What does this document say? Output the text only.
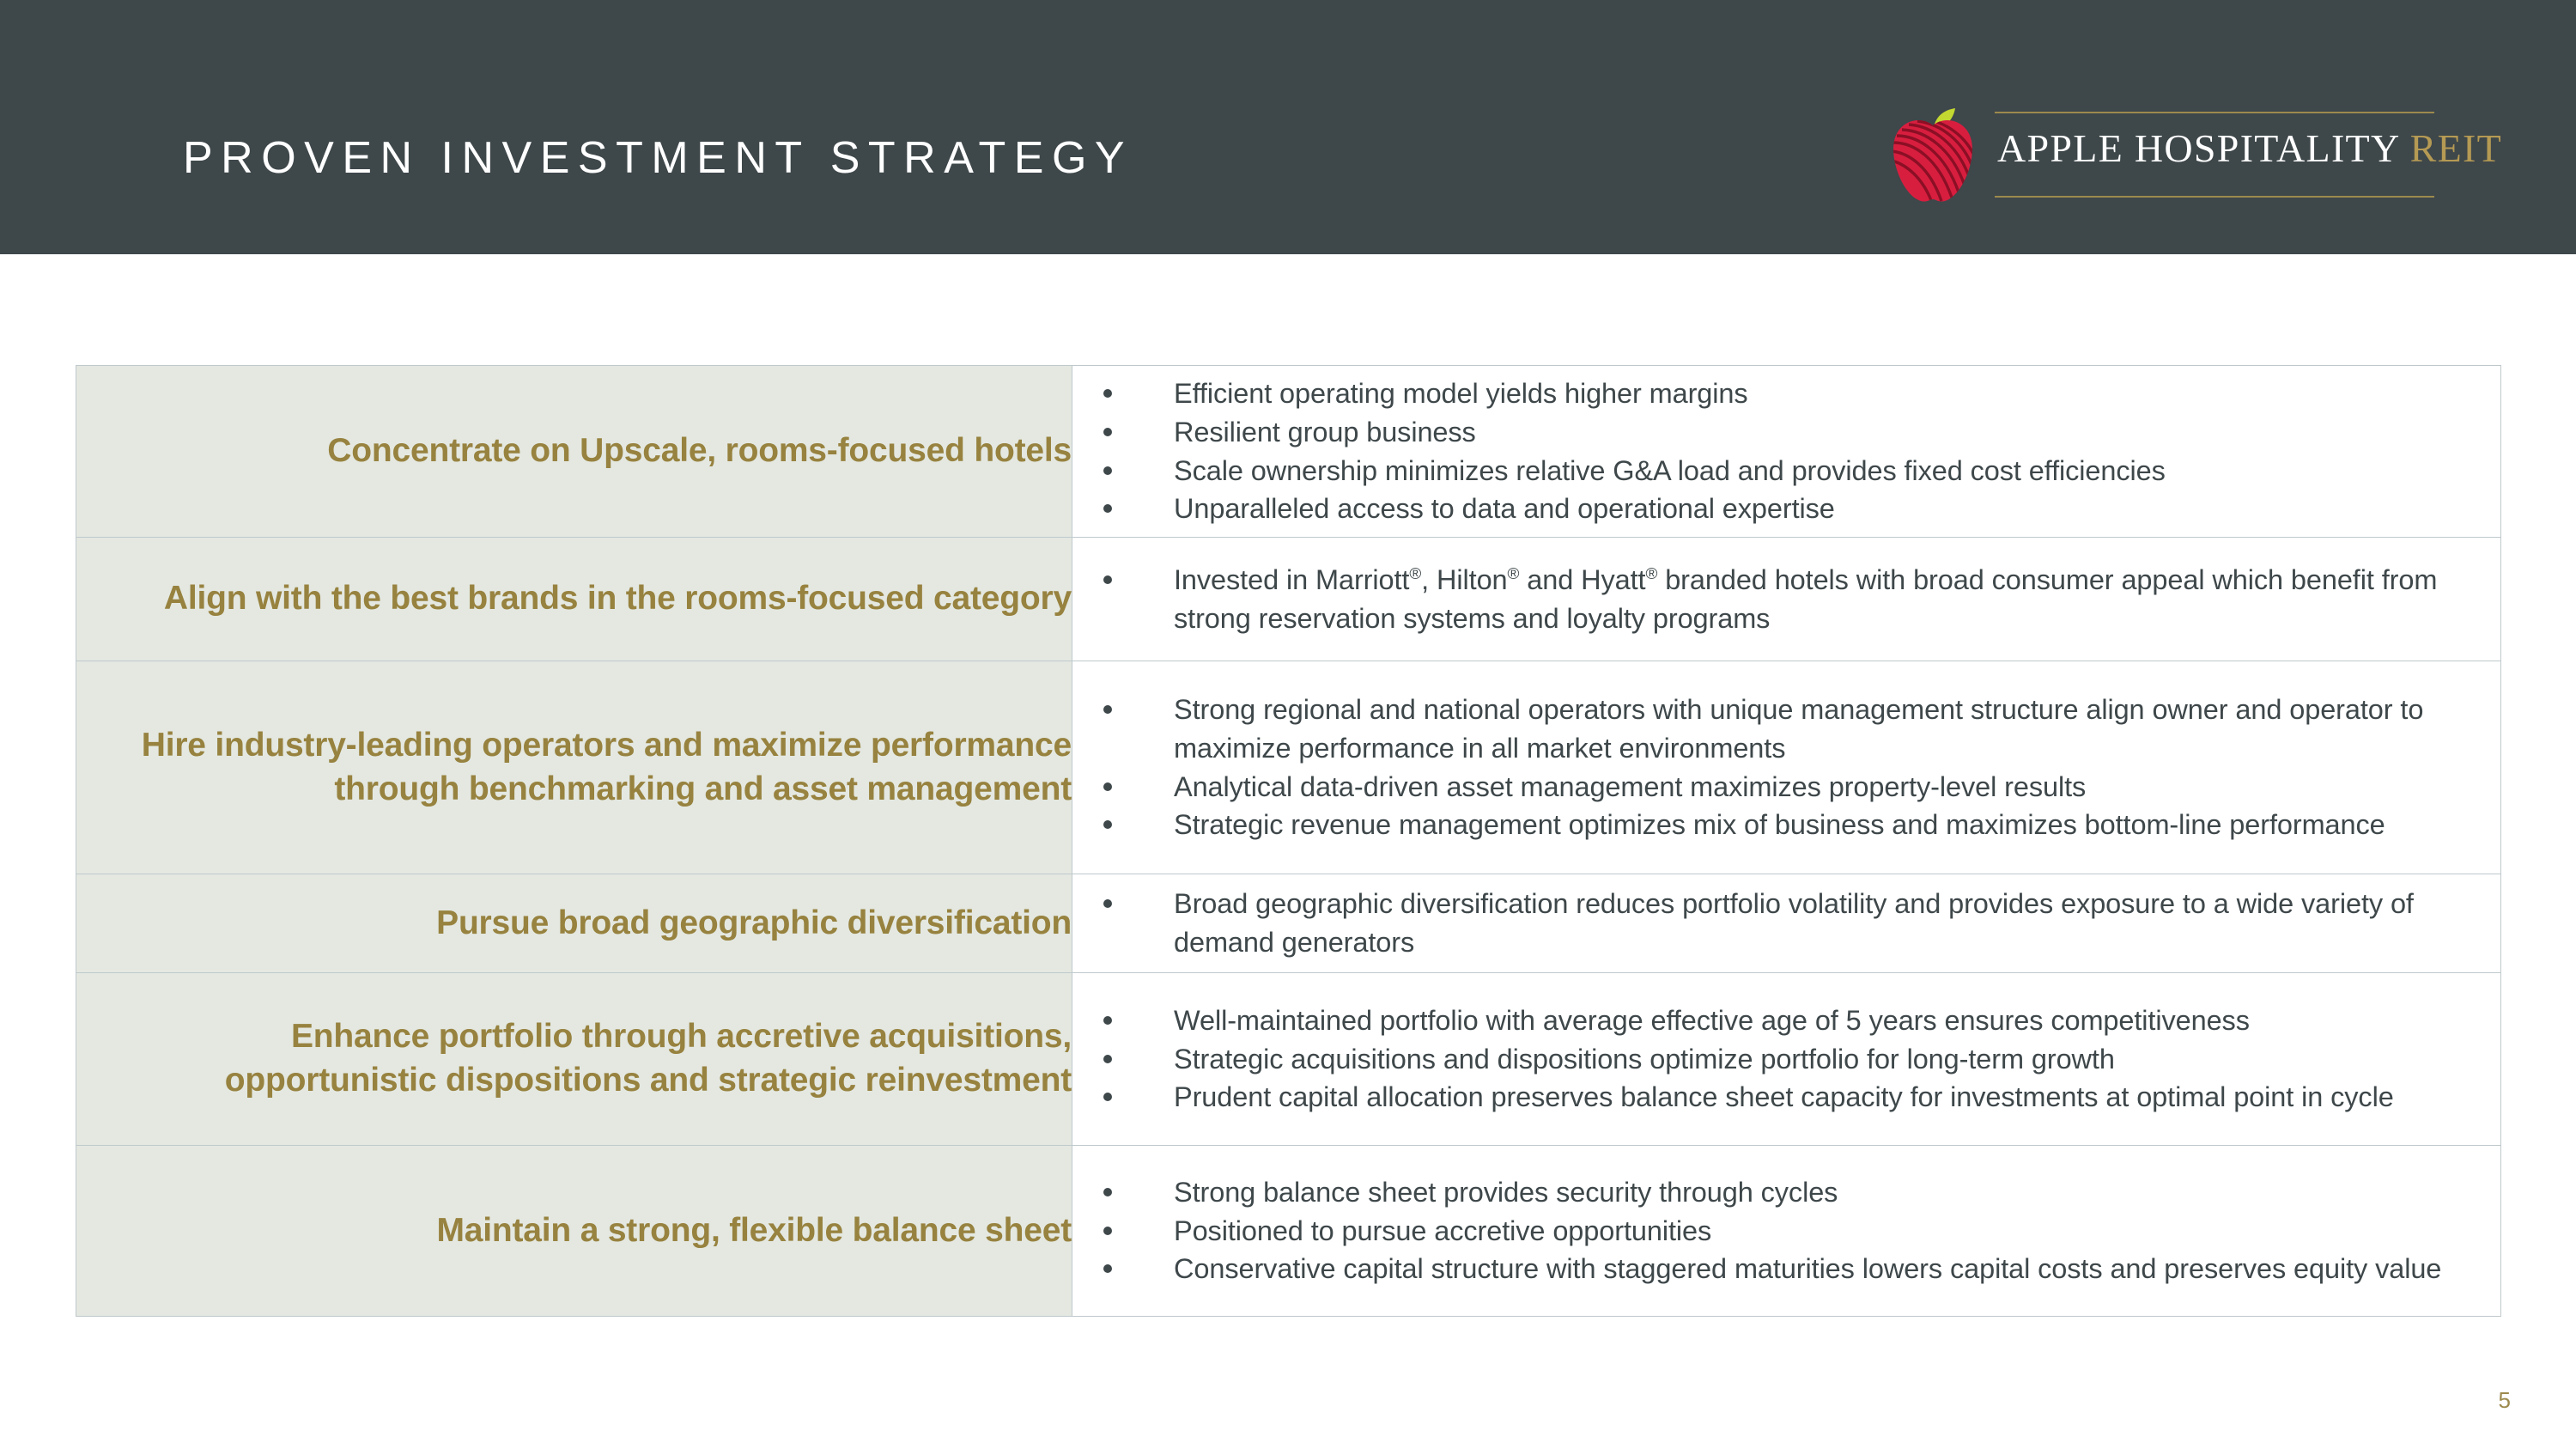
PROVEN INVESTMENT STRATEGY	APPLE HOSPITALITY REIT
Concentrate on Upscale, rooms-focused hotels

Efficient operating model yields higher margins
Resilient group business
Scale ownership minimizes relative G&A load and provides fixed cost efficiencies
Unparalleled access to data and operational expertise

Align with the best brands in the rooms-focused category

Invested in Marriott®, Hilton® and Hyatt® branded hotels with broad consumer appeal which benefit from strong reservation systems and loyalty programs

Hire industry-leading operators and maximize performance through benchmarking and asset management

Strong regional and national operators with unique management structure align owner and operator to maximize performance in all market environments
Analytical data-driven asset management maximizes property-level results
Strategic revenue management optimizes mix of business and maximizes bottom-line performance

Pursue broad geographic diversification

Broad geographic diversification reduces portfolio volatility and provides exposure to a wide variety of demand generators

Enhance portfolio through accretive acquisitions, opportunistic dispositions and strategic reinvestment

Well-maintained portfolio with average effective age of 5 years ensures competitiveness
Strategic acquisitions and dispositions optimize portfolio for long-term growth
Prudent capital allocation preserves balance sheet capacity for investments at optimal point in cycle

Maintain a strong, flexible balance sheet

Strong balance sheet provides security through cycles
Positioned to pursue accretive opportunities
Conservative capital structure with staggered maturities lowers capital costs and preserves equity value
5
